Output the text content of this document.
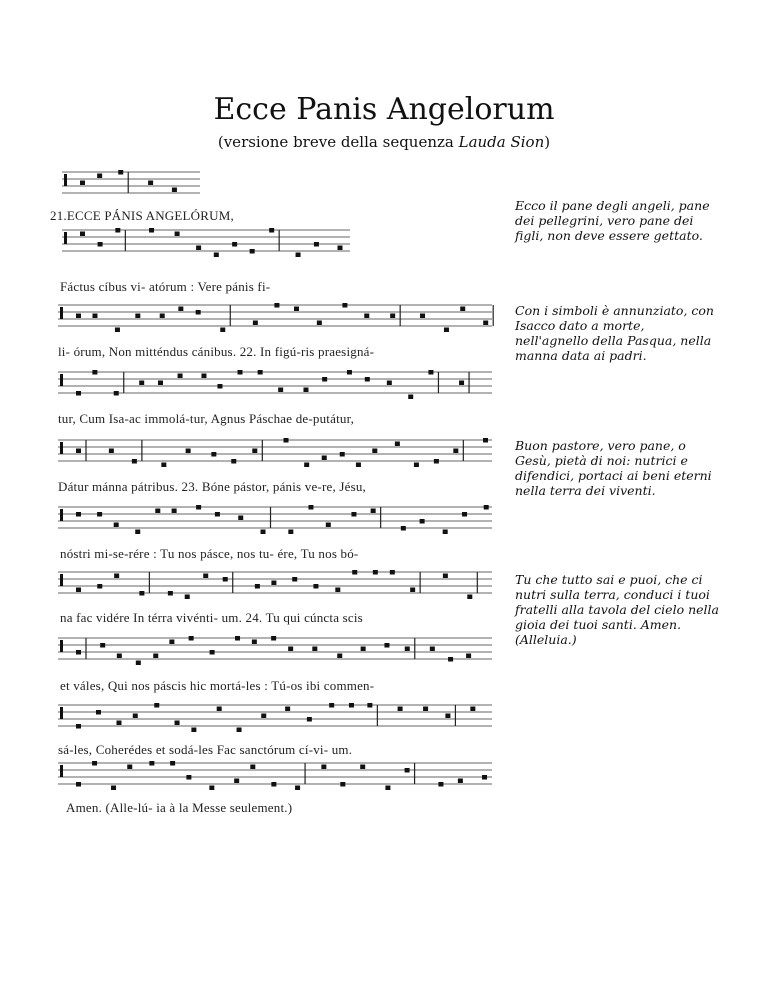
Ecce Panis Angelorum
(versione breve della sequenza Lauda Sion)
21.ECCE PÁNIS ANGELÓRUM,
Fáctus cíbus vi- atórum : Vere pánis fi-
li- órum, Non mitténdus cánibus. 22. In figú-ris praesigná-
tur, Cum Isa-ac immolá-tur, Agnus Páschae de-putátur,
Dátur mánna pátribus. 23. Bóne pástor, pánis ve-re, Jésu,
nóstri mi-se-rére : Tu nos pásce, nos tu- ére, Tu nos bó-
na fac vidére In térra vivénti- um. 24. Tu qui cúncta scis
et váles, Qui nos páscis hic mortá-les : Tú-os ibi commen-
sá-les, Coherédes et sodá-les Fac sanctórum cí-vi- um.
Amen. (Alle-lú- ia à la Messe seulement.)
Ecco il pane degli angeli, pane dei pellegrini, vero pane dei figli, non deve essere gettato.
Con i simboli è annunziato, con Isacco dato a morte, nell'agnello della Pasqua, nella manna data ai padri.
Buon pastore, vero pane, o Gesù, pietà di noi: nutrici e difendici, portaci ai beni eterni nella terra dei viventi.
Tu che tutto sai e puoi, che ci nutri sulla terra, conduci i tuoi fratelli alla tavola del cielo nella gioia dei tuoi santi. Amen. (Alleluia.)
